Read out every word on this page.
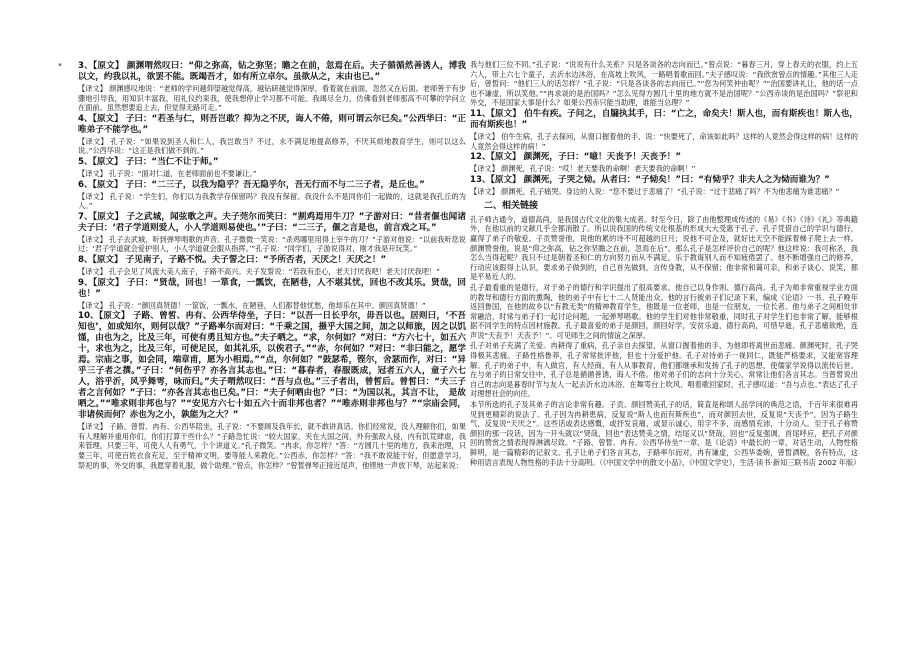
" 3、【原文】 颜渊喟然叹曰：“仰之弥高，钻之弥坚；瞻之在前，忽焉在后。夫子循循然善诱人，博我以文，约我以礼，欲罢不能。既竭吾才，如有所立卓尔。虽欲从之，末由也已。”

【译文】 颜渊感叹地说：“老师的学问越仰望越觉得高，越钻研越觉得深厚，看着就在前面，忽然又在后面。老师善于有步骤地引导我，用知识丰富我，用礼仪约束我，使我想停止学习都不可能。我竭尽全力，仿佛看到老师那高不可攀的学问立在面前。虽然想要追上去，但觉得无路可走。”

4、【原文】 子曰：“若圣与仁，则吾岂敢？抑为之不厌，诲人不倦，则可谓云尔已矣。”公西华曰：“正唯弟子不能学也。”

【译文】 孔子说：“如果说到圣人和仁人，我岂敢当？不过，永不满足地提高修养，不厌其烦地教育学生，则可以这么说。”公西华说：“这正是我们做不到的。”

5、【原文】 子曰：“当仁不让于师。”

【译文】 孔子说：“面对仁道，在老师面前也不要谦让。”

6、【原文】 子曰：“二三子，以我为隐乎？吾无隐乎尔，吾无行而不与二三子者，是丘也。”

【译文】 孔子说：“学生们，你们以为我教学存保留吗？我没有保留。我没什么不是同你们一起做的，这就是我孔丘的为人。”

7、【原文】 子之武城，闻弦歌之声。夫子莞尔而笑曰：“割鸡焉用牛刀？”子游对曰：“昔者偃也闻诸夫子曰：‘君子学道则爱人，小人学道则易使也。’”子曰：“二三子，偃之言是也，前言戏之耳。”

【译文】 孔子去武城，听到弹琴唱歌的声音。孔子微微一笑说：“杀鸡哪里用得上宰牛的刀？”子游对他说：“以前我听您说过：‘君子学道就会爱护别人，小人学道就会服从指挥。’”孔子说：“同学们，子游说得对，刚才我是开玩笑。”

8、【原文】 子见南子，子路不悦。夫子誓之曰：“予所否者，天厌之！天厌之！”

【译文】 孔子会见了风流大美人南子，子路不高兴。夫子发誓说：“若我有歪心，老天讨厌我吧！老天讨厌我吧！”

9、【原文】 子曰：“贤哉，回也！一箪食，一瓢饮，在陋巷，人不堪其忧，回也不改其乐。贤哉，回也！”

【译文】 孔子说：“颜回真贤德！一筐饭，一瓢水，在陋巷，人们都替他忧愁，他却乐在其中。颜回真贤德！”

10、【原文】 子路、曾皙、冉有、公西华侍坐，子曰：“以吾一日长乎尔，毋吾以也。居则曰，‘不吾知也’，如或知尔，则何以哉？”子路率尔而对曰：“千乘之国，摄乎大国之间，加之以师旅，因之以饥馑，由也为之，比及三年，可使有勇且知方也。”夫子哂之。“求，尔何如？”对曰：“方六七十，如五六十，求也为之，比及三年，可使足民，如其礼乐，以俟君子。”“赤，尔何如？”对曰：“非曰能之，愿学焉。宗庙之事，如会同，端章甫，愿为小相焉。”“点，尔何如？”鼓瑟希，铿尔，舍瑟而作，对曰：“异乎三子者之撰。”子曰：“何伤乎？亦各言其志也。”曰：“暮春者，春服既成，冠者五六人，童子六七人，浴乎沂，风乎舞雩，咏而归。”夫子喟然叹曰：“吾与点也。”三子者出，曾皙后。曾皙曰：“夫三子者之言何如？”子曰：“亦各言其志也已矣。”曰：“夫子何哂由也？”曰：“为国以礼，其言不让，　是故哂之。”“唯求则非邦也与？”“安见方六七十如五六十而非邦也者？”“唯赤则非邦也与？”“宗庙会同，非诸侯而何？赤也为之小，孰能为之大？”

【译文】 子路、曾皙、冉有、公西华陪坐，孔子说：“不要顾及我年长，就不敢讲真话。你们经常说，没人理解你们，如果有人理解并重用你们，你们打算干些什么？”子路急忙说：“较大国家，夹在大国之间，外有强敌入侵，内有饥荒肆虐，我来管理，只要三年，可使人人有勇气，个个讲道义。”孔子微笑。“冉求，你怎样？”答：“方圆几十里的地方，我来治理，只要三年，可使百姓衣食充足，至于精神文明，要等能人来教化。”公西赤，你怎样？”答：“我不敢说能干好，但愿意学习。祭祀的事，外交的事，我愿穿着礼服，做个助理。”曾点，你怎样？”曾皙弹琴正接近尾声，他铿地一声放下琴，站起来说：

我与他们三位不同。”孔子说：“说说有什么关系？只是各谈各的志向而已。”曾点说：“暮春三月，穿上春天的衣服，约上五六人，带上六七个童子，去沂水边沐浴，在高坡上吹风，一路唱着歌而回。”夫子感叹说：“我欣赏曾点的情趣。”其他三人走后，曾皙问：“他们三人的话怎样？”孔子说：“只是各谈各的志向而已。”“您为何笑仲由呢？”“治国要讲礼让，他的话一点也不谦虚，所以笑他。”“冉求谈的是治国吗？”怎么见得方圆几十里的地方就不是治国呢？”公西赤谈的是治国吗？”祭祀和外交，不是国家大事是什么？如果公西赤只能当助理，谁能当总理？”

11、【原文】 伯牛有疾。子问之，自牖执其手，曰：“亡之，命矣夫！斯人也，而有斯疾也！斯人也，而有斯疾也！”

【译文】 伯牛生病，孔子去探问，从窗口握着他的手，说：“快要死了，命该如此吗？这样的人竟然会得这样的病！这样的人竟然会得这样的病！”

12、【原文】 颜渊死，子曰：“噫！天丧予！天丧予！”

【译文】 颜渊死，孔子说：“哎！老天要我的命啊！老天要我的命啊！”

13、【原文】 颜渊死，子哭之恸。从者曰：“子恸矣！”曰：“有恸乎？非夫人之为恸而谁为？”

【译文】 颜渊死，孔子痛哭。身边的人说：“您不要过于悲痛了！”孔子说：“过于悲痛了吗？不为他悲痛为谁悲痛？”

二、相关链接

孔子师古通今，道德高尚，是我国古代文化的集大成者。时至今日，除了由他整理成传述的《易》《书》《诗》《礼》等典籍外，在他以前的文献几乎全都消散了。所以说我国的传统文化根基的形成大大受惠于孔子。孔子凭借自己的学识与德行，赢得了弟子的敬爱。子贡赞誉他，说他的累的诗不可超越的日月；说他不可企及，就好比天空不能踩着梯子爬上去一样。颜渊赞誉他，说是“仰之弥高，钻之弥坚瞻之在前，忽焉在后”。那么孔子是怎样评价自己的呢？他这样说：我可称圣，我怎么当得起呢？我只不过是朝着圣和仁的方向努力而从不满足，乐于教诲别人而不知疲倦罢了。他不断增强自己的修养，行动应该跟得上认识，要求弟子做到的，自己首先做到，言传身教，从不保留；他非常和蔼可亲，和弟子谈心、说笑，都是平易近人的。

孔子最看重的是德行，对于弟子的德行和学识提出了很高要求。他自己以身作则、德行高尚。孔子为师非常重视学业方面的教导和德行方面的熏陶，他的弟子中有七十二人贤能出众。他的言行被弟子们记录下来，编成《论语》一书。孔子晚年返回鲁国，在他的故乡以“有教无类”的精神教育学生，他既是一位老师，也是一位朋友，一位长者。他与弟子之间相处非常融洽，时常与弟子们一起讨论问题，一起弹琴唱歌。他的学生们对他非常敬重，同时孔子对学生们也非常了解，能够根据不同学生的特点因材施教。孔子最喜爱的弟子是颜回，颜回好学，安贫乐道，德行高尚，可惜早逝，孔子悲痛欲绝，连声说“天丧予！天丧予！”。可见师生之间的情谊之深厚。

孔子对弟子充满了关爱。冉耕得了重病，孔子亲自去探望，从窗口握着他的手，为他即将离世而悲痛。颜渊死时，孔子哭得极其悲痛。子路性格鲁莽，孔子常常批评他，但也十分爱护他。孔子对待弟子一视同仁，既能严格要求，又能宽容理解。孔子的弟子中，有人做官，有人经商，有人从事教育，他们都继承和发扬了孔子的思想，使儒家学说得以流传后世。在与弟子的日常交往中，孔子总是循循善诱，诲人不倦。他对弟子们的志向十分关心，常常让他们各言其志。当曾皙说出自己的志向是暮春时节与友人一起去沂水边沐浴、在舞雩台上吹风、唱着歌回家时，孔子感叹道：“吾与点也。”表达了孔子对理想社会的向往。

本节所选的孔子及其弟子的言论非常有趣。子贡、颜回赞美孔子的话，简直是称颂人品学问的典范之语，千百年来很难再见到更精彩的说法了。孔子因为冉耕患病，反复说“斯人也而有斯疾也”，而对颜回去世，反复说“天丧予”，因为子路生气，反复说“天厌之”。这些话或表达感慨，或抒发哀痛，或显示诚心，用字不多，而感情充沛，十分动人。至于孔子称赞颜回的那一段话，因为一开头就以“贤哉，回也”表达赞美之情，结尾又以“贤哉，回也”反复强调，首尾呼应，把孔子对颜回的赞赏之情表现得淋漓尽致。“子路、曾皙、冉有、公西华侍坐”一章，是《论语》中最长的一章，对话生动，人物性格鲜明，是一篇精彩的记叙文。孔子让弟子们各言其志，子路率尔而对，冉有谦虚，公西华委婉，曾皙洒脱，各有特点，这种用语言表现人物性格的手法十分高明。（《中国文学中的散文小品》，《中国文学史》，生活·读书·新知三联书店 2002 年版）
